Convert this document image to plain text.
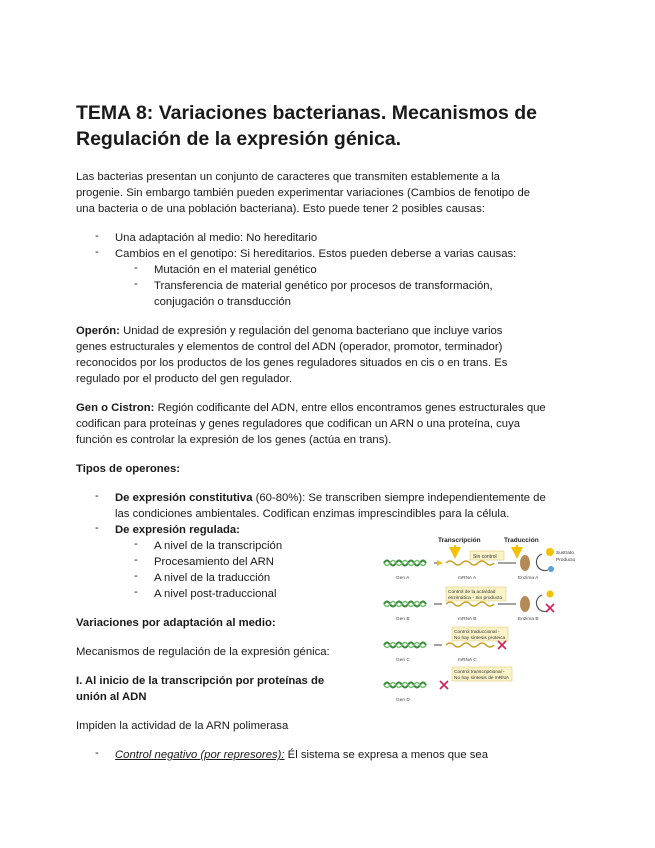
TEMA 8: Variaciones bacterianas. Mecanismos de Regulación de la expresión génica.

Las bacterias presentan un conjunto de caracteres que transmiten establemente a la

progenie. Sin embargo también pueden experimentar variaciones (Cambios de fenotipo de

una bacteria o de una población bacteriana). Esto puede tener 2 posibles causas:

- Una adaptación al medio: No hereditario

- Cambios en el genotipo: Si hereditarios. Estos pueden deberse a varias causas:

- Mutación en el material genético

- Transferencia de material genético por procesos de transformación,

conjugación o transducción

Operón: Unidad de expresión y regulación del genoma bacteriano que incluye varios

genes estructurales y elementos de control del ADN (operador, promotor, terminador)

reconocidos por los productos de los genes reguladores situados en cis o en trans. Es

regulado por el producto del gen regulador.

Gen o Cistron: Región codificante del ADN, entre ellos encontramos genes estructurales que

codifican para proteínas y genes reguladores que codifican un ARN o una proteína, cuya

función es controlar la expresión de los genes (actúa en trans).

Tipos de operones:

- De expresión constitutiva (60-80%): Se transcriben siempre independientemente de

las condiciones ambientales. Codifican enzimas imprescindibles para la célula.

- De expresión regulada:

- A nivel de la transcripción

- Procesamiento del ARN

- A nivel de la traducción

- A nivel post-traduccional

Variaciones por adaptación al medio:

Mecanismos de regulación de la expresión génica:

I. Al inicio de la transcripción por proteínas de

unión al ADN

Impiden la actividad de la ARN polimerasa

- Control negativo (por represores): Él sistema se expresa a menos que sea

Transcripción	Traducción
Sin control
Sustrato
Producto
Gen A	mRNA A	Enzima A
Control de la actividad
enzimática - Sin producto
Gen B	mRNA B	Enzima B
Control traduccional -
No hay síntesis proteica
Gen C	mRNA C
Control transcripcional -
No hay síntesis de mRNA
Gen D
